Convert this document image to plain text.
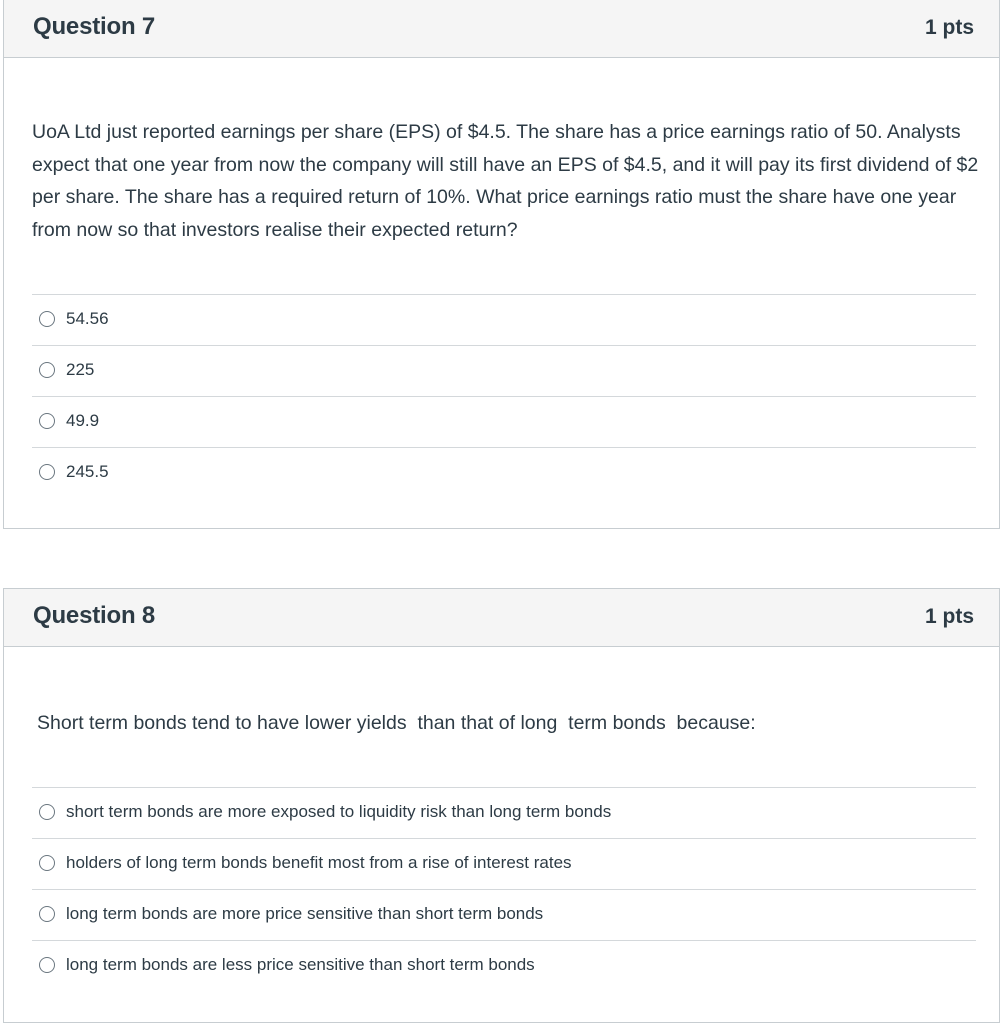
Question 7	1 pts
UoA Ltd just reported earnings per share (EPS) of $4.5. The share has a price earnings ratio of 50. Analysts expect that one year from now the company will still have an EPS of $4.5, and it will pay its first dividend of $2 per share. The share has a required return of 10%. What price earnings ratio must the share have one year from now so that investors realise their expected return?
54.56
225
49.9
245.5
Question 8	1 pts
Short term bonds tend to have lower yields  than that of long  term bonds  because:
short term bonds are more exposed to liquidity risk than long term bonds
holders of long term bonds benefit most from a rise of interest rates
long term bonds are more price sensitive than short term bonds
long term bonds are less price sensitive than short term bonds
